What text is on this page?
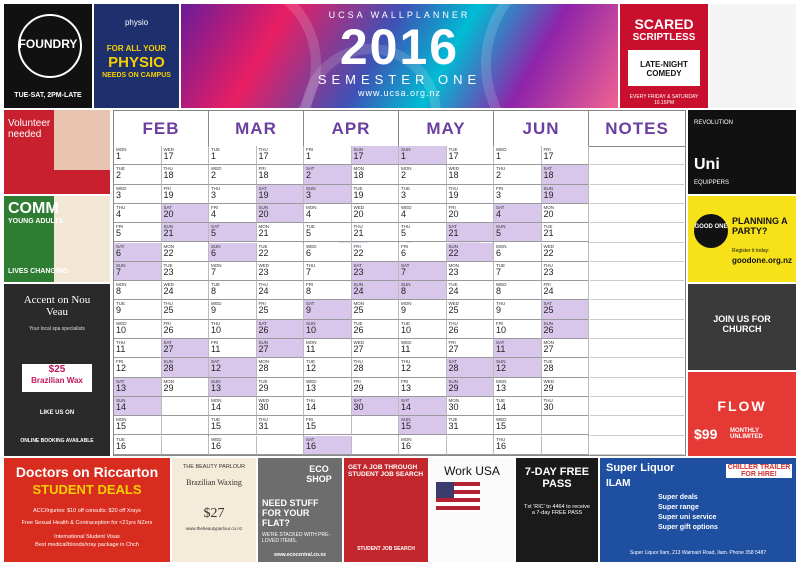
UCSA WALLPLANNER
2016
SEMESTER ONE
www.ucsa.org.nz
FOUNDRY
TUE-SAT, 2PM-LATE
physio
FOR ALL YOUR
PHYSIO
NEEDS ON CAMPUS
SCARED
SCRIPTLESS
LATE-NIGHT COMEDY
EVERY FRIDAY & SATURDAY 10.15PM
Volunteer needed
COMM
YOUNG ADULTS
LIVES CHANGING
Accent on Nou Veau
Your local spa specialists
$25
Brazilian Wax
LIKE US ON
ONLINE BOOKING AVAILABLE
REVOLUTION
Uni
EQUIPPERS
GOOD ONE
PLANNING A PARTY?
Register it today:
goodone.org.nz
JOIN US FOR CHURCH
FLOW
$99 MONTHLY UNLIMITED
Doctors on Riccarton
STUDENT DEALS
ACC/Injuries: $10 off consults: $20 off Xrays
Free Sexual Health & Contraception for <21yrs NZers
International Student Visas
Best medical/bloods/xray package in Chch
THE BEAUTY PARLOUR
Brazilian Waxing
$27
www.thebeautyparlour.co.nz
ECO SHOP
NEED STUFF FOR YOUR FLAT?
WE'RE STACKED WITH PRE-LOVED ITEMS.
www.ecocentral.co.nz
GET A JOB THROUGH STUDENT JOB SEARCH
STUDENT JOB SEARCH
Work USA	7-DAY FREE PASS
Txt 'RIC' to 4464 to receive a 7-day FREE PASS
Super Liquor
ILAM
Super deals
Super range
Super uni service
Super gift options
CHILLER TRAILER FOR HIRE!
Super Liquor Ilam, 213 Waimairi Road, Ilam. Phone 358 5487
FEB
MON
1
TUE
2
WED
3
THU
4
FRI
5
SAT
6
SUN
7
MON
8
TUE
9
WED
10
THU
11
FRI
12
SAT
13
SUN
14
MON
15
TUE
16
WED
17
THU
18
FRI
19
SAT
20
SUN
21
MON
22
TUE
23
WED
24
THU
25
FRI
26
SAT
27
SUN
28
MON
29
MAR
TUE
1
WED
2
THU
3
FRI
4
SAT
5
SUN
6
MON
7
TUE
8
WED
9
THU
10
FRI
11
SAT
12
SUN
13
MON
14
TUE
15
WED
16
THU
17
FRI
18
SAT
19
SUN
20
MON
21
TUE
22
WED
23
THU
24
FRI
25
SAT
26
SUN
27
MON
28
TUE
29
WED
30
THU
31
APR
FRI
1
SAT
2
SUN
3
MON
4
TUE
5
WED
6
THU
7
FRI
8
SAT
9
SUN
10
MON
11
TUE
12
WED
13
THU
14
FRI
15
SAT
16
SUN
17
MON
18
TUE
19
WED
20
THU
21
FRI
22
SAT
23
SUN
24
MON
25
TUE
26
WED
27
THU
28
FRI
29
SAT
30
MAY
SUN
1
MON
2
TUE
3
WED
4
THU
5
FRI
6
SAT
7
SUN
8
MON
9
TUE
10
WED
11
THU
12
FRI
13
SAT
14
SUN
15
MON
16
TUE
17
WED
18
THU
19
FRI
20
SAT
21
SUN
22
MON
23
TUE
24
WED
25
THU
26
FRI
27
SAT
28
SUN
29
MON
30
TUE
31
JUN
WED
1
THU
2
FRI
3
SAT
4
SUN
5
MON
6
TUE
7
WED
8
THU
9
FRI
10
SAT
11
SUN
12
MON
13
TUE
14
WED
15
THU
16
FRI
17
SAT
18
SUN
19
MON
20
TUE
21
WED
22
THU
23
FRI
24
SAT
25
SUN
26
MON
27
TUE
28
WED
29
THU
30
NOTES
